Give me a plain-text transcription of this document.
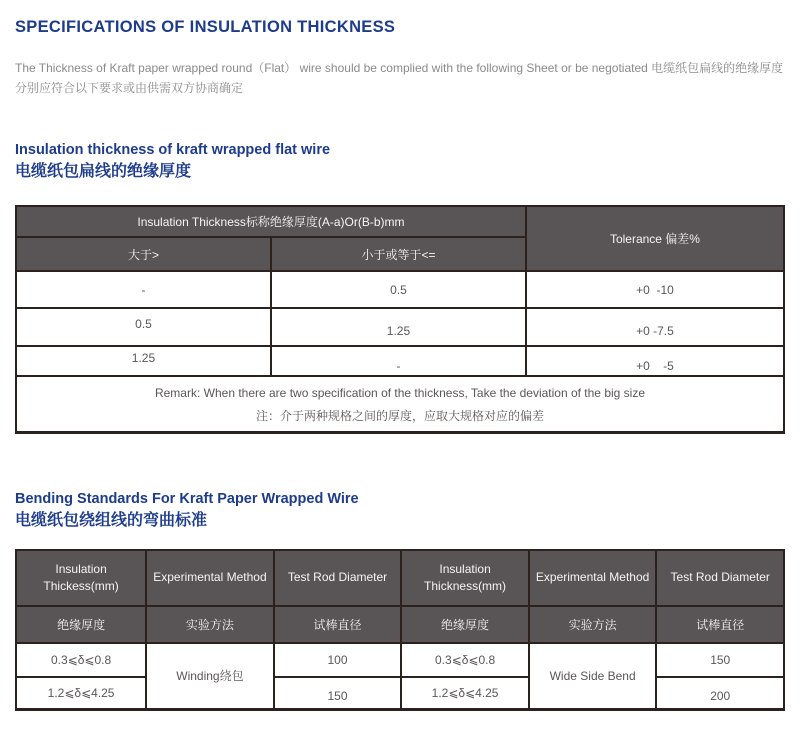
SPECIFICATIONS OF INSULATION THICKNESS

The Thickness of Kraft paper wrapped round（Flat） wire should be complied with the following Sheet or be negotiated 电缆纸包扁线的绝缘厚度分别应符合以下要求或由供需双方协商确定

Insulation thickness of kraft wrapped flat wire
电缆纸包扁线的绝缘厚度
Insulation Thickness标称绝缘厚度(A-a)Or(B-b)mm		Tolerance 偏差%
大于>	小于或等于<=	
-	0.5	+0  -10
0.5	1.25	+0 -7.5
1.25	-	+0    -5

Remark: When there are two specification of the thickness, Take the deviation of the big size
注：介于两种规格之间的厚度，应取大规格对应的偏差		
Bending Standards For Kraft Paper Wrapped Wire
电缆纸包绕组线的弯曲标准
Insulation Thickess(mm)	Experimental Method	Test Rod Diameter	Insulation Thickness(mm)	Experimental Method	Test Rod Diameter
绝缘厚度	实验方法	试棒直径	绝缘厚度	实验方法	试棒直径
0.3⩽δ⩽0.8	Winding绕包	100	0.3⩽δ⩽0.8	Wide Side Bend	150
1.2⩽δ⩽4.25		150	1.2⩽δ⩽4.25		200
